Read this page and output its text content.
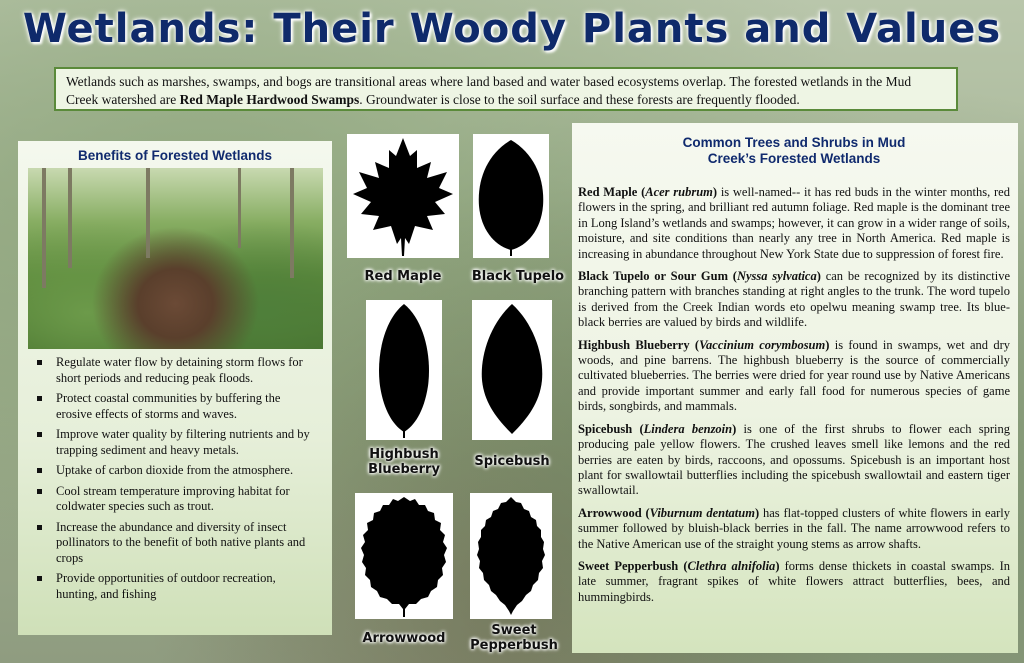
Wetlands: Their Woody Plants and Values
Wetlands such as marshes, swamps, and bogs are transitional areas where land based and water based ecosystems overlap. The forested wetlands in the Mud Creek watershed are Red Maple Hardwood Swamps. Groundwater is close to the soil surface and these forests are frequently flooded.
Benefits of Forested Wetlands
Regulate water flow by detaining storm flows for short periods and reducing peak floods.
Protect coastal communities by buffering the erosive effects of storms and waves.
Improve water quality by filtering nutrients and by trapping sediment and heavy metals.
Uptake of carbon dioxide from the atmosphere.
Cool stream temperature improving habitat for coldwater species such as trout.
Increase the abundance and diversity of insect pollinators to the benefit of both native plants and crops
Provide opportunities of outdoor recreation, hunting, and fishing
Red Maple	Black Tupelo
Highbush Blueberry
Spicebush
Arrowwood
Sweet Pepperbush
Common Trees and Shrubs in Mud Creek’s Forested Wetlands

Red Maple (Acer rubrum) is well-named-- it has red buds in the winter months, red flowers in the spring, and brilliant red autumn foliage. Red maple is the dominant tree in Long Island’s wetlands and swamps; however, it can grow in a wider range of soils, moisture, and site conditions than nearly any tree in North America. Red maple is increasing in abundance throughout New York State due to suppression of forest fire.

Black Tupelo or Sour Gum (Nyssa sylvatica) can be recognized by its distinctive branching pattern with branches standing at right angles to the trunk. The word tupelo is derived from the Creek Indian words eto opelwu meaning swamp tree. Its blue-black berries are valued by birds and wildlife.

Highbush Blueberry (Vaccinium corymbosum) is found in swamps, wet and dry woods, and pine barrens. The highbush blueberry is the source of commercially cultivated blueberries. The berries were dried for year round use by Native Americans and provide important summer and early fall food for numerous species of game birds, songbirds, and mammals.

Spicebush (Lindera benzoin) is one of the first shrubs to flower each spring producing pale yellow flowers. The crushed leaves smell like lemons and the red berries are eaten by birds, raccoons, and opossums. Spicebush is an important host plant for swallowtail butterflies including the spicebush swallowtail and eastern tiger swallowtail.

Arrowwood (Viburnum dentatum) has flat-topped clusters of white flowers in early summer followed by bluish-black berries in the fall. The name arrowwood refers to the Native American use of the straight young stems as arrow shafts.

Sweet Pepperbush (Clethra alnifolia) forms dense thickets in coastal swamps. In late summer, fragrant spikes of white flowers attract butterflies, bees, and hummingbirds.
